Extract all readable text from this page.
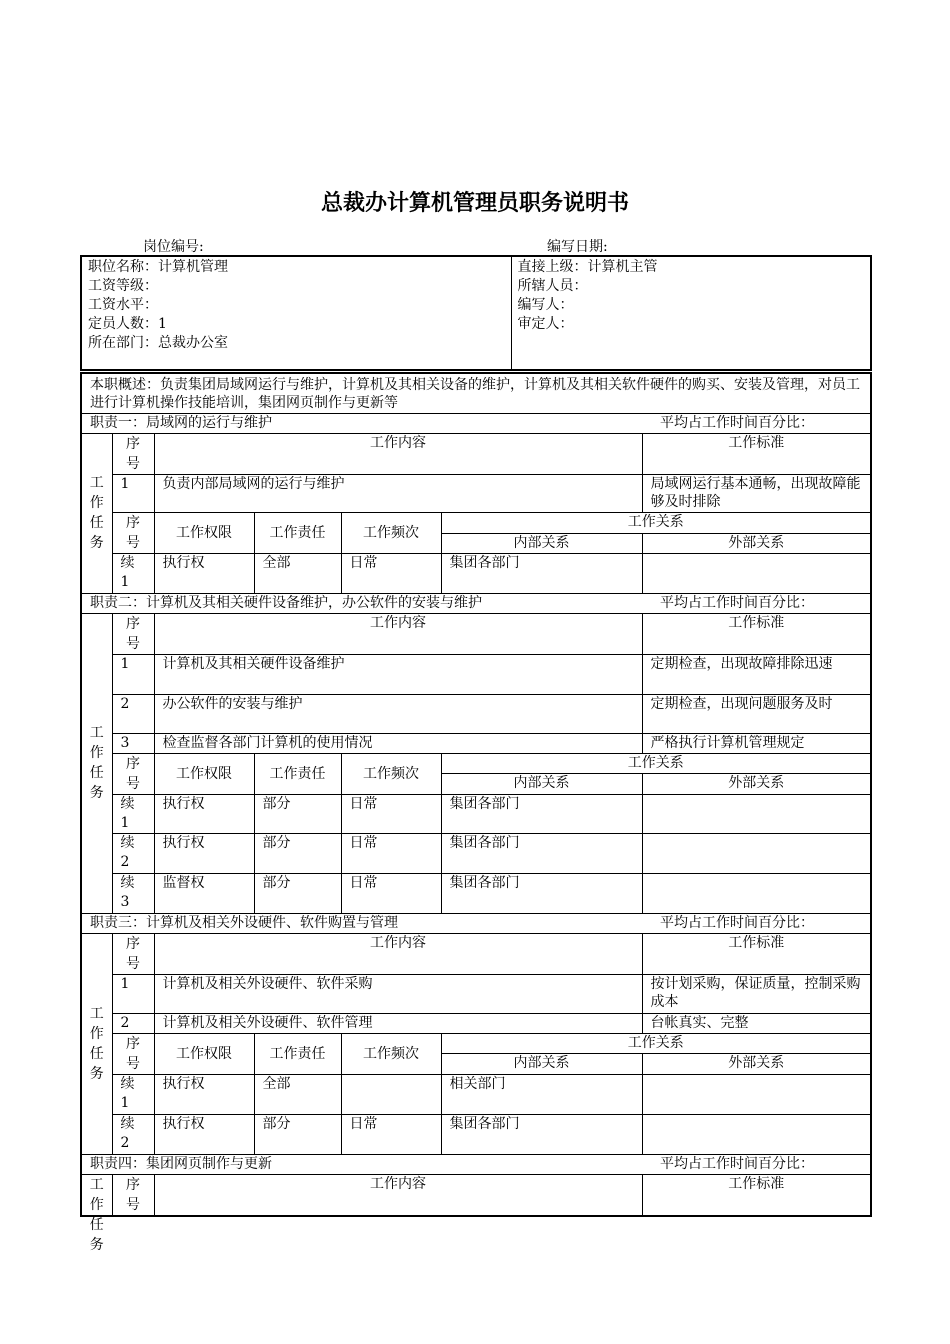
总裁办计算机管理员职务说明书
岗位编号:	编写日期:
职位名称：计算机管理
工资等级：
工资水平：
定员人数：1
所在部门：总裁办公室

直接上级：计算机主管
所辖人员：
编写人：
审定人：
本职概述：负责集团局域网运行与维护，计算机及其相关设备的维护，计算机及其相关软件硬件的购买、安装及管理，对员工进行计算机操作技能培训，集团网页制作与更新等						
职责一：局域网的运行与维护						平均占工作时间百分比：

工作任务	序号	工作内容				工作标准
	1	负责内部局域网的运行与维护				局域网运行基本通畅，出现故障能够及时排除

	序号	工作权限	工作责任	工作频次	工作关系	
					内部关系	外部关系

	续1	执行权	全部	日常	集团各部门	
职责二：计算机及其相关硬件设备维护，办公软件的安装与维护						平均占工作时间百分比：

工作任务	序号	工作内容				工作标准
	1	计算机及其相关硬件设备维护				定期检查，出现故障排除迅速
	2	办公软件的安装与维护				定期检查，出现问题服务及时
	3	检查监督各部门计算机的使用情况				严格执行计算机管理规定

	序号	工作权限	工作责任	工作频次	工作关系	
					内部关系	外部关系

	续1	执行权	部分	日常	集团各部门	

	续2	执行权	部分	日常	集团各部门	

	续3	监督权	部分	日常	集团各部门	
职责三：计算机及相关外设硬件、软件购置与管理						平均占工作时间百分比：

工作任务	序号	工作内容				工作标准
	1	计算机及相关外设硬件、软件采购				按计划采购，保证质量，控制采购成本
	2	计算机及相关外设硬件、软件管理				台帐真实、完整

	序号	工作权限	工作责任	工作频次	工作关系	
					内部关系	外部关系

	续1	执行权	全部		相关部门	

	续2	执行权	部分	日常	集团各部门	
职责四：集团网页制作与更新						平均占工作时间百分比：

工作任务	序号	工作内容				工作标准
